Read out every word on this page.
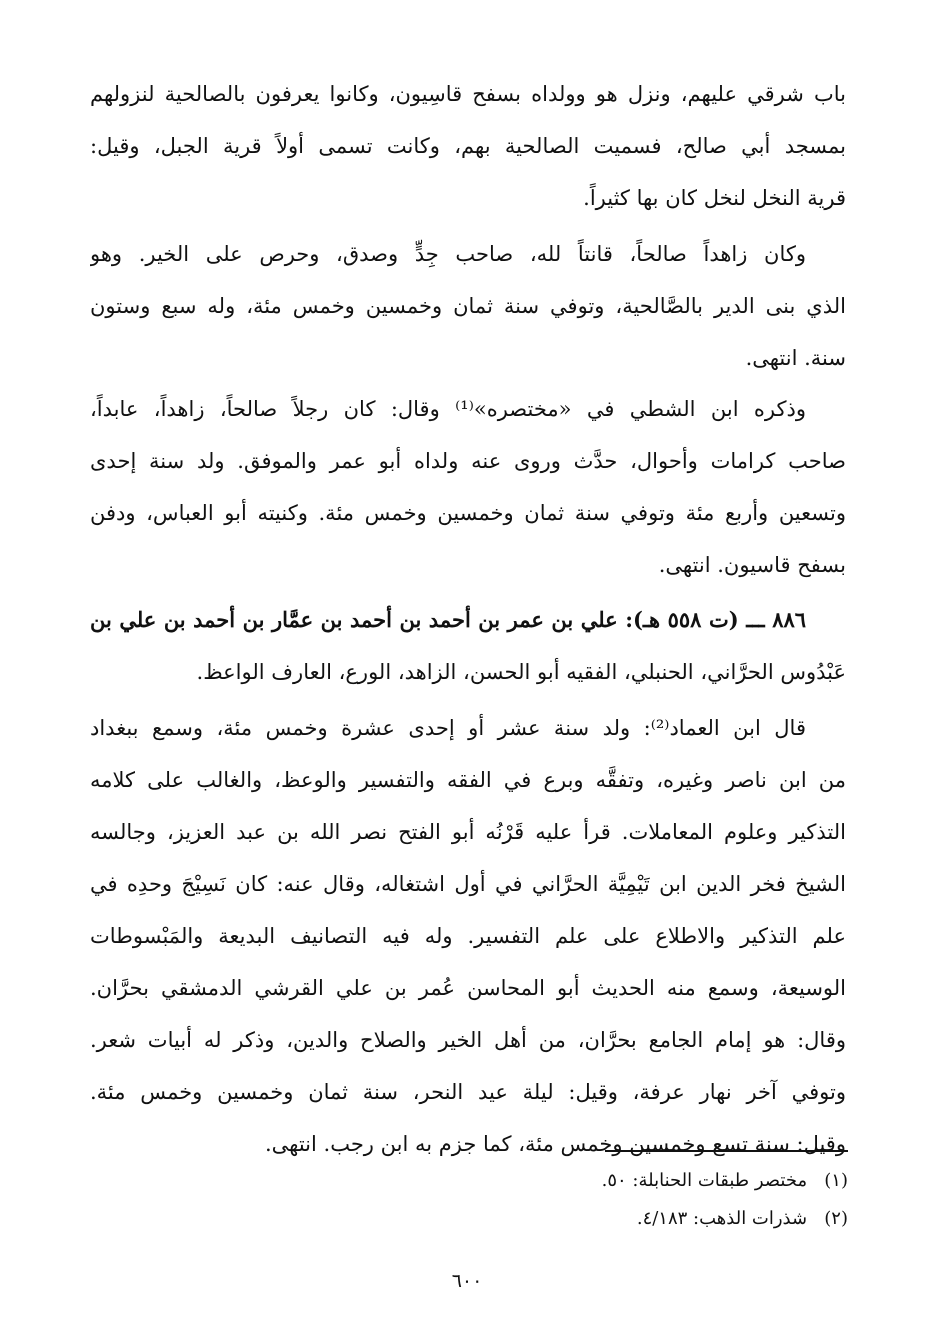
باب شرقي عليهم، ونزل هو وولداه بسفح قاسِيون، وكانوا يعرفون بالصالحية لنزولهم
بمسجد أبي صالح، فسميت الصالحية بهم، وكانت تسمى أولاً قرية الجبل، وقيل:
قرية النخل لنخل كان بها كثيراً.
وكان زاهداً صالحاً، قانتاً لله، صاحب جِدٍّ وصدق، وحرص على الخير. وهو
الذي بنى الدير بالصَّالحية، وتوفي سنة ثمان وخمسين وخمس مئة، وله سبع وستون
سنة. انتهى.
وذكره ابن الشطي في «مختصره»⁽¹⁾ وقال: كان رجلاً صالحاً، زاهداً، عابداً،
صاحب كرامات وأحوال، حدَّث وروى عنه ولداه أبو عمر والموفق. ولد سنة إحدى
وتسعين وأربع مئة وتوفي سنة ثمان وخمسين وخمس مئة. وكنيته أبو العباس، ودفن
بسفح قاسيون. انتهى.
٨٨٦ ـــ (ت ٥٥٨ هـ): علي بن عمر بن أحمد بن أحمد بن عمَّار بن أحمد بن علي بن
عَبْدُوس الحرَّاني، الحنبلي، الفقيه أبو الحسن، الزاهد، الورع، العارف الواعظ.
قال ابن العماد⁽²⁾: ولد سنة عشر أو إحدى عشرة وخمس مئة، وسمع ببغداد
من ابن ناصر وغيره، وتفقَّه وبرع في الفقه والتفسير والوعظ، والغالب على كلامه
التذكير وعلوم المعاملات. قرأ عليه قَرْنُه أبو الفتح نصر الله بن عبد العزيز، وجالسه
الشيخ فخر الدين ابن تَيْمِيَّة الحرَّاني في أول اشتغاله، وقال عنه: كان نَسِيْجَ وحدِه في
علم التذكير والاطلاع على علم التفسير. وله فيه التصانيف البديعة والمَبْسوطات
الوسيعة، وسمع منه الحديث أبو المحاسن عُمر بن علي القرشي الدمشقي بحرَّان.
وقال: هو إمام الجامع بحرَّان، من أهل الخير والصلاح والدين، وذكر له أبيات شعر.
وتوفي آخر نهار عرفة، وقيل: ليلة عيد النحر، سنة ثمان وخمسين وخمس مئة.
وقيل: سنة تسع وخمسين وخمس مئة، كما جزم به ابن رجب. انتهى.
(١)   مختصر طبقات الحنابلة: ٥٠.
(٢)   شذرات الذهب: ٤/١٨٣.
٦٠٠
